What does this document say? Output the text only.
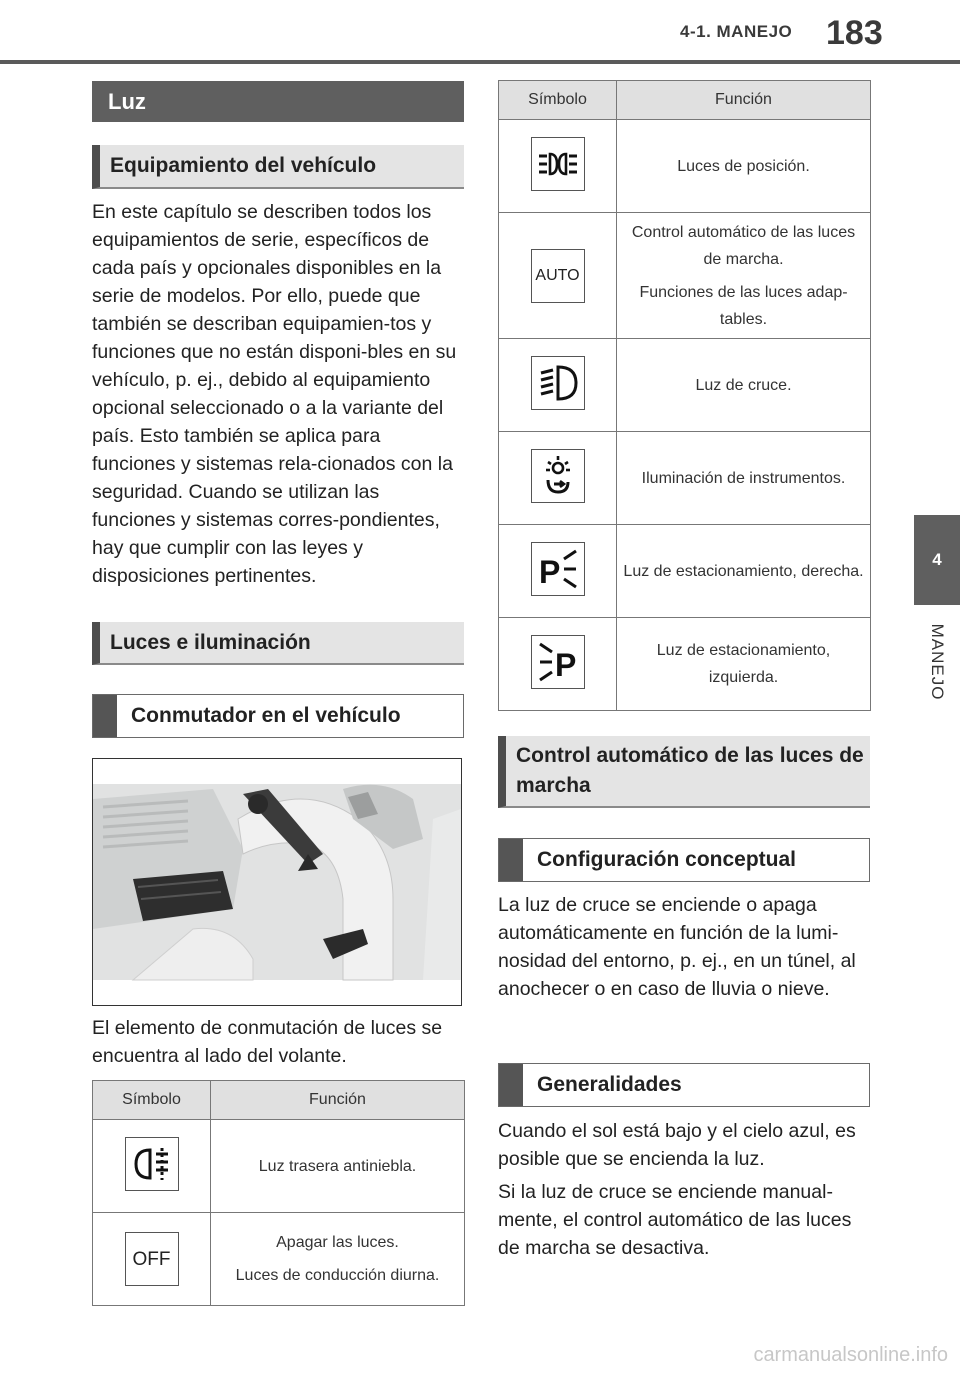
4-1. MANEJO 183
4
MANEJO
Luz
Equipamiento del vehículo

En este capítulo se describen todos los equipamientos de serie, específicos de cada país y opcionales disponibles en la serie de modelos. Por ello, puede que también se describan equipamien-tos y funciones que no están disponi-bles en su vehículo, p. ej., debido al equipamiento opcional seleccionado o a la variante del país. Esto también se aplica para funciones y sistemas rela-cionados con la seguridad. Cuando se utilizan las funciones y sistemas corres-pondientes, hay que cumplir con las leyes y disposiciones pertinentes.

Luces e iluminación
Conmutador en el vehículo

El elemento de conmutación de luces se encuentra al lado del volante.

Símbolo	Función

Luz trasera antiniebla.

OFF	Apagar las luces.
Luces de conducción diurna.
Símbolo	Función

Luces de posición.

AUTO	Control automático de las luces de marcha.
Funciones de las luces adap-tables.

Luz de cruce.

Iluminación de instrumentos.

P	Luz de estacionamiento, derecha.

P	Luz de estacionamiento, izquierda.
Control automático de las luces de marcha
Configuración conceptual

La luz de cruce se enciende o apaga automáticamente en función de la lumi-nosidad del entorno, p. ej., en un túnel, al anochecer o en caso de lluvia o nieve.

Generalidades

Cuando el sol está bajo y el cielo azul, es posible que se encienda la luz.

Si la luz de cruce se enciende manual-mente, el control automático de las luces de marcha se desactiva.

carmanualsonline.info
